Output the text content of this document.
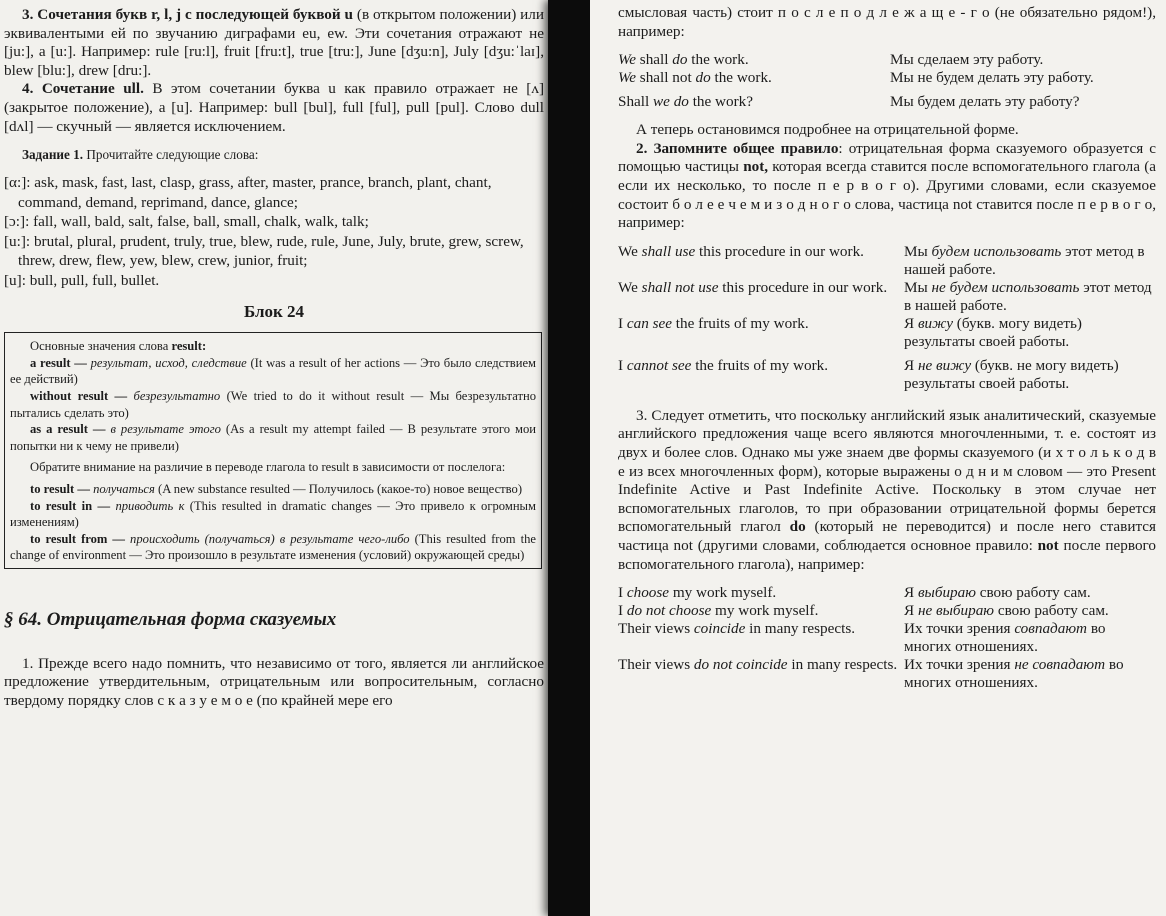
3. Сочетания букв r, l, j с последующей буквой u (в открытом положении) или эквивалентыми ей по звучанию диграфами eu, ew. Эти сочетания отражают не [ju:], а [u:]. Например: rule [ru:l], fruit [fru:t], true [tru:], June [dʒu:n], July [dʒu:ˈlaɪ], blew [blu:], drew [dru:].

4. Сочетание ull. В этом сочетании буква u как правило отражает не [ʌ] (закрытое положение), а [u]. Например: bull [bul], full [ful], pull [pul]. Слово dull [dʌl] — скучный — является исключением.

Задание 1. Прочитайте следующие слова:

[α:]: ask, mask, fast, last, clasp, grass, after, master, prance, branch, plant, chant, command, demand, reprimand, dance, glance;

[ɔ:]: fall, wall, bald, salt, false, ball, small, chalk, walk, talk;

[u:]: brutal, plural, prudent, truly, true, blew, rude, rule, June, July, brute, grew, screw, threw, drew, flew, yew, blew, crew, junior, fruit;

[u]: bull, pull, full, bullet.

Блок 24

Основные значения слова result:

a result — результат, исход, следствие (It was a result of her actions — Это было следствием ее действий)

without result — безрезультатно (We tried to do it without result — Мы безрезультатно пытались сделать это)

as a result — в результате этого (As a result my attempt failed — В результате этого мои попытки ни к чему не привели)

Обратите внимание на различие в переводе глагола to result в зависимости от послелога:

to result — получаться (A new substance resulted — Получилось (какое-то) новое вещество)

to result in — приводить к (This resulted in dramatic changes — Это привело к огромным изменениям)

to result from — происходить (получаться) в результате чего-либо (This resulted from the change of environment — Это произошло в результате изменения (условий) окружающей среды)

§ 64. Отрицательная форма сказуемых

1. Прежде всего надо помнить, что независимо от того, является ли английское предложение утвердительным, отрицательным или вопросительным, согласно твердому порядку слов с к а з у е м о е (по крайней мере его

смысловая часть) стоит п о с л е п о д л е ж а щ е - г о (не обязательно рядом!), например:

We shall do the work.	Мы сделаем эту работу.
We shall not do the work.	Мы не будем делать эту работу.
Shall we do the work?	Мы будем делать эту работу?

А теперь остановимся подробнее на отрицательной форме.

2. Запомните общее правило: отрицательная форма сказуемого образуется с помощью частицы not, которая всегда ставится после вспомогательного глагола (а если их несколько, то после п е р в о г о). Другими словами, если сказуемое состоит б о л е е ч е м и з о д н о г о слова, частица not ставится после п е р в о г о, например:

We shall use this procedure in our work.	Мы будем использовать этот метод в нашей работе.
We shall not use this procedure in our work.	Мы не будем использовать этот метод в нашей работе.
I can see the fruits of my work.	Я вижу (букв. могу видеть) результаты своей работы.
I cannot see the fruits of my work.	Я не вижу (букв. не могу видеть) результаты своей работы.

3. Следует отметить, что поскольку английский язык аналитический, сказуемые английского предложения чаще всего являются многочленными, т. е. состоят из двух и более слов. Однако мы уже знаем две формы сказуемого (и х т о л ь к о д в е из всех многочленных форм), которые выражены о д н и м словом — это Present Indefinite Active и Past Indefinite Active. Поскольку в этом случае нет вспомогательных глаголов, то при образовании отрицательной формы берется вспомогательный глагол do (который не переводится) и после него ставится частица not (другими словами, соблюдается основное правило: not после первого вспомогательного глагола), например:

I choose my work myself.	Я выбираю свою работу сам.
I do not choose my work myself.	Я не выбираю свою работу сам.
Their views coincide in many respects.	Их точки зрения совпадают во многих отношениях.
Their views do not coincide in many respects. Их точки зрения не совпадают во многих отношениях.
